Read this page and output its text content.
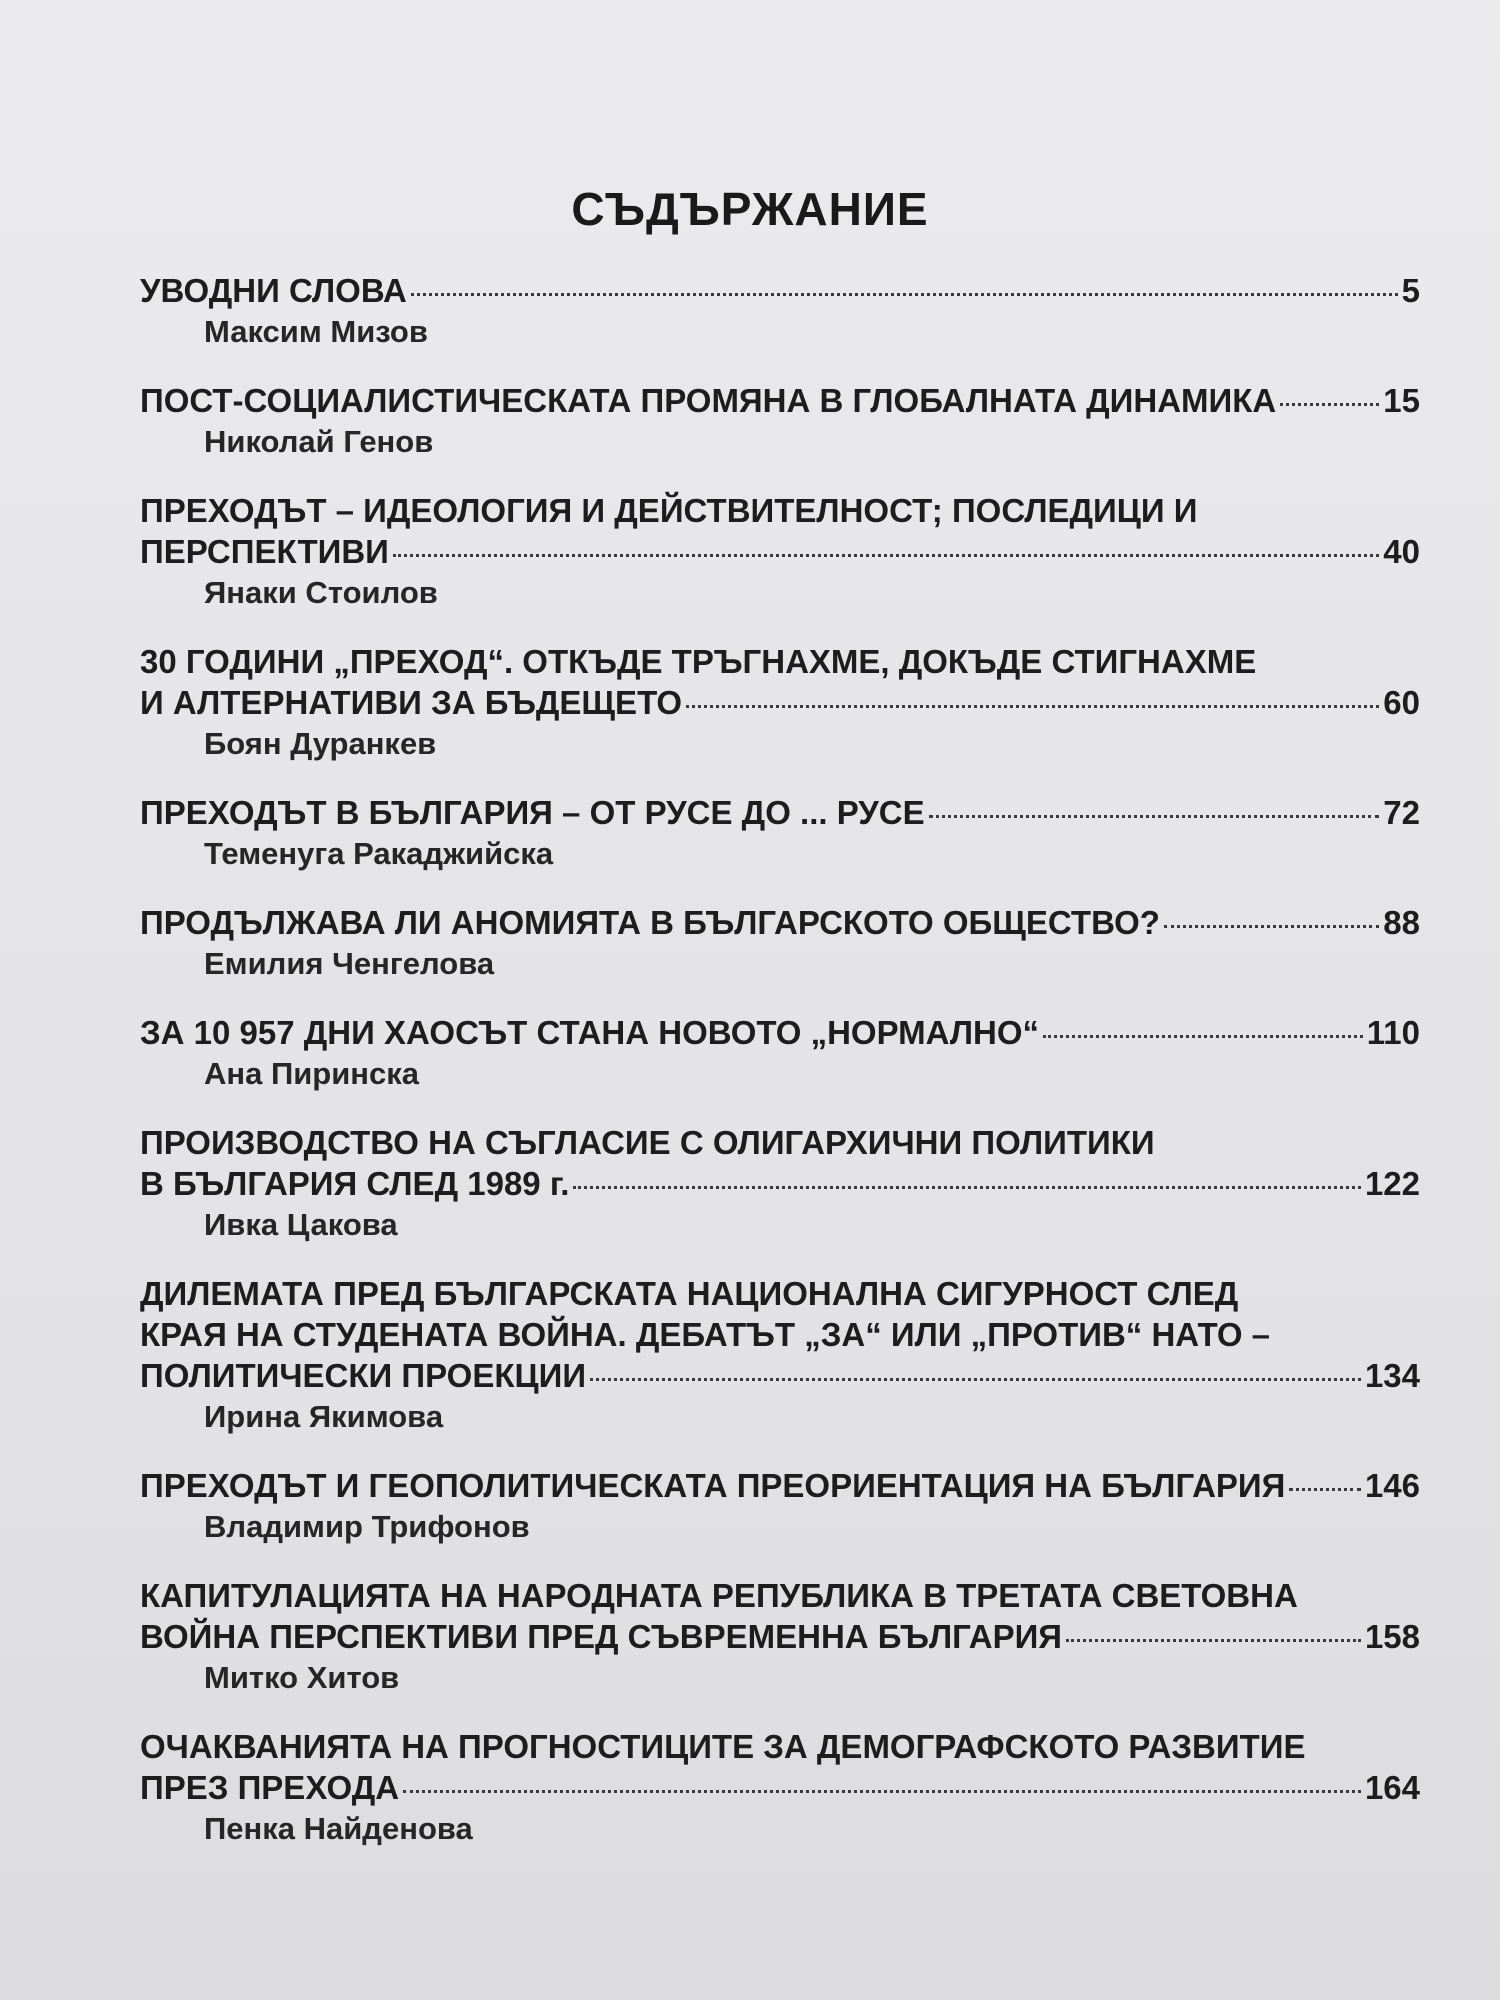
СЪДЪРЖАНИЕ
УВОДНИ СЛОВА	5
Максим Мизов
ПОСТ-СОЦИАЛИСТИЧЕСКАТА ПРОМЯНА В ГЛОБАЛНАТА ДИНАМИКА	15
Николай Генов
ПРЕХОДЪТ – ИДЕОЛОГИЯ И ДЕЙСТВИТЕЛНОСТ; ПОСЛЕДИЦИ И
ПЕРСПЕКТИВИ	40
Янаки Стоилов
30 ГОДИНИ „ПРЕХОД“. ОТКЪДЕ ТРЪГНАХМЕ, ДОКЪДЕ СТИГНАХМЕ
И АЛТЕРНАТИВИ ЗА БЪДЕЩЕТО	60
Боян Дуранкев
ПРЕХОДЪТ В БЪЛГАРИЯ – ОТ РУСЕ ДО ... РУСЕ	72
Теменуга Ракаджийска
ПРОДЪЛЖАВА ЛИ АНОМИЯТА В БЪЛГАРСКОТО ОБЩЕСТВО?	88
Емилия Ченгелова
ЗА 10 957 ДНИ ХАОСЪТ СТАНА НОВОТО „НОРМАЛНО“	110
Ана Пиринска
ПРОИЗВОДСТВО НА СЪГЛАСИЕ С ОЛИГАРХИЧНИ ПОЛИТИКИ
В БЪЛГАРИЯ СЛЕД 1989 г.	122
Ивка Цакова
ДИЛЕМАТА ПРЕД БЪЛГАРСКАТА НАЦИОНАЛНА СИГУРНОСТ СЛЕД
КРАЯ НА СТУДЕНАТА ВОЙНА. ДЕБАТЪТ „ЗА“ ИЛИ „ПРОТИВ“ НАТО –
ПОЛИТИЧЕСКИ ПРОЕКЦИИ	134
Ирина Якимова
ПРЕХОДЪТ И ГЕОПОЛИТИЧЕСКАТА ПРЕОРИЕНТАЦИЯ НА БЪЛГАРИЯ 146
Владимир Трифонов
КАПИТУЛАЦИЯТА НА НАРОДНАТА РЕПУБЛИКА В ТРЕТАТА СВЕТОВНА
ВОЙНА ПЕРСПЕКТИВИ ПРЕД СЪВРЕМЕННА БЪЛГАРИЯ	158
Митко Хитов
ОЧАКВАНИЯТА НА ПРОГНОСТИЦИТЕ ЗА ДЕМОГРАФСКОТО РАЗВИТИЕ
ПРЕЗ ПРЕХОДА	164
Пенка Найденова
